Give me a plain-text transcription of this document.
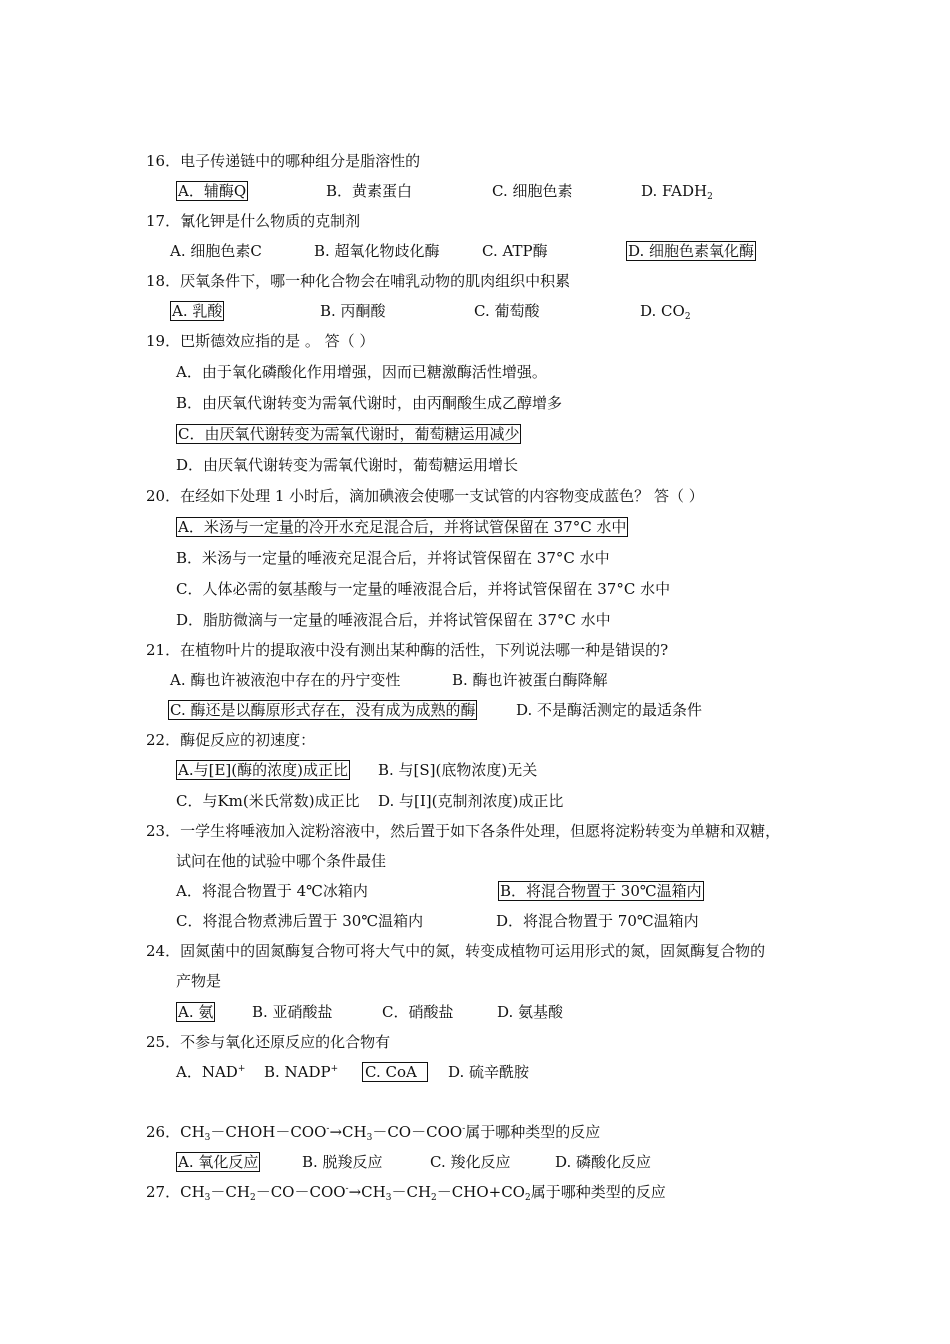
16．电子传递链中的哪种组分是脂溶性的
A．辅酶Q	B．黄素蛋白	C. 细胞色素	D. $FADH_2$
17．氰化钾是什么物质的克制剂
A. 细胞色素C	B. 超氧化物歧化酶	C. ATP酶	D. 细胞色素氧化酶
18．厌氧条件下，哪一种化合物会在哺乳动物的肌肉组织中积累
A. 乳酸	B. 丙酮酸	C. 葡萄酸	D. $CO_2$
19．巴斯德效应指的是 。 答（ ）
A．由于氧化磷酸化作用增强，因而已糖激酶活性增强。
B．由厌氧代谢转变为需氧代谢时，由丙酮酸生成乙醇增多
C．由厌氧代谢转变为需氧代谢时，葡萄糖运用减少
D．由厌氧代谢转变为需氧代谢时，葡萄糖运用增长
20．在经如下处理 1 小时后，滴加碘液会使哪一支试管的内容物变成蓝色？ 答（ ）
A．米汤与一定量的冷开水充足混合后，并将试管保留在 37°C 水中
B．米汤与一定量的唾液充足混合后，并将试管保留在 37°C 水中
C．人体必需的氨基酸与一定量的唾液混合后，并将试管保留在 37°C 水中
D．脂肪微滴与一定量的唾液混合后，并将试管保留在 37°C 水中
21．在植物叶片的提取液中没有测出某种酶的活性，下列说法哪一种是错误的?
A. 酶也许被液泡中存在的丹宁变性	B. 酶也许被蛋白酶降解
C. 酶还是以酶原形式存在，没有成为成熟的酶	D. 不是酶活测定的最适条件
22．酶促反应的初速度：
A.与[E](酶的浓度)成正比 B. 与[S](底物浓度)无关
C．与Km(米氏常数)成正比 D. 与[I](克制剂浓度)成正比
23．一学生将唾液加入淀粉溶液中，然后置于如下各条件处理，但愿将淀粉转变为单糖和双糖，
试问在他的试验中哪个条件最佳
A．将混合物置于 4℃冰箱内	B．将混合物置于 30℃温箱内
C．将混合物煮沸后置于 30℃温箱内	D．将混合物置于 70℃温箱内
24．固氮菌中的固氮酶复合物可将大气中的氮，转变成植物可运用形式的氮，固氮酶复合物的
产物是
A. 氨	B. 亚硝酸盐	C．硝酸盐	D. 氨基酸
25．不参与氧化还原反应的化合物有
A．NAD+ B. NADP+ C. CoA	D. 硫辛酰胺
26．$CH_3-CHOH-COO^-\to CH_3-CO-COO^-$属于哪种类型的反应
A. 氧化反应	B. 脱羧反应	C. 羧化反应	D. 磷酸化反应
27．$CH_3-CH_2-CO-COO^-\to CH_3-CH_2-CHO+CO_2$属于哪种类型的反应
